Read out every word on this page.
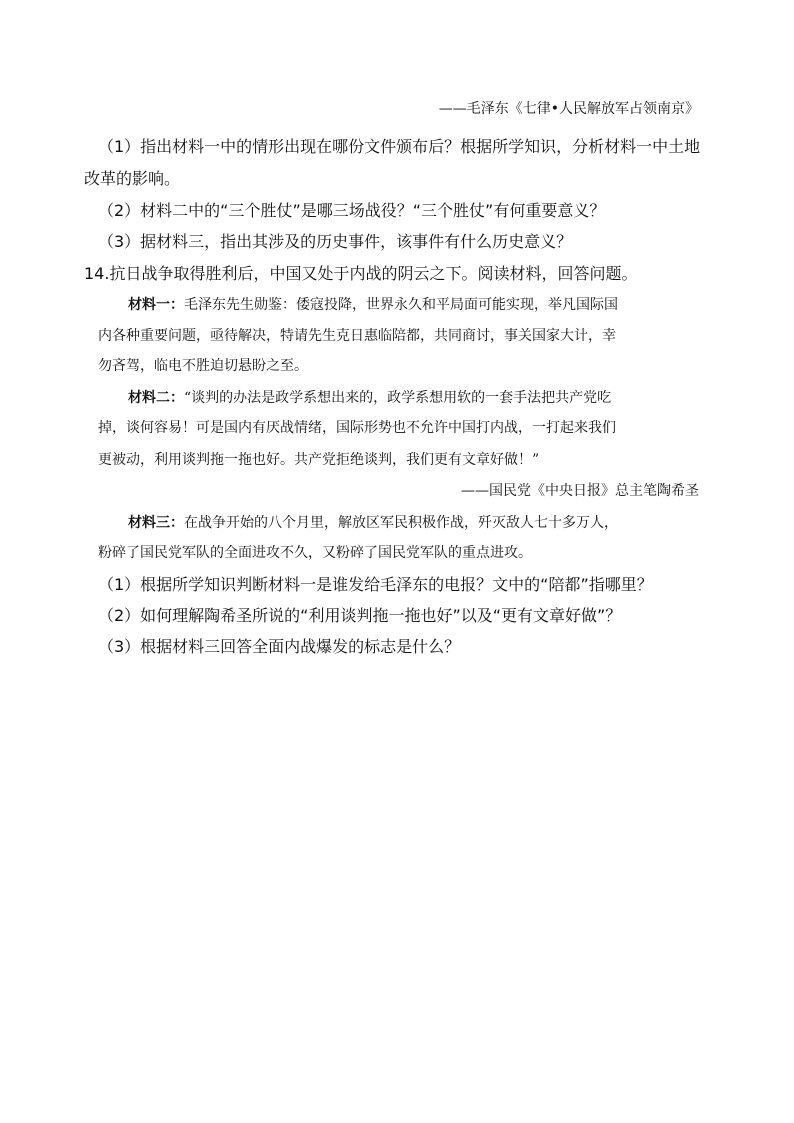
——毛泽东《七律•人民解放军占领南京》
（1）指出材料一中的情形出现在哪份文件颁布后？根据所学知识，分析材料一中土地
改革的影响。
（2）材料二中的“三个胜仗”是哪三场战役？“三个胜仗”有何重要意义？
（3）据材料三，指出其涉及的历史事件，该事件有什么历史意义？
14.抗日战争取得胜利后，中国又处于内战的阴云之下。阅读材料，回答问题。
材料一：毛泽东先生勋鉴：倭寇投降，世界永久和平局面可能实现，举凡国际国
内各种重要问题，亟待解决，特请先生克日惠临陪都，共同商讨，事关国家大计，幸
勿吝驾，临电不胜迫切悬盼之至。
材料二：“谈判的办法是政学系想出来的，政学系想用软的一套手法把共产党吃
掉，谈何容易！可是国内有厌战情绪，国际形势也不允许中国打内战，一打起来我们
更被动，利用谈判拖一拖也好。共产党拒绝谈判，我们更有文章好做！”
——国民党《中央日报》总主笔陶希圣
材料三：在战争开始的八个月里，解放区军民积极作战，歼灭敌人七十多万人，
粉碎了国民党军队的全面进攻不久，又粉碎了国民党军队的重点进攻。
（1）根据所学知识判断材料一是谁发给毛泽东的电报？文中的“陪都”指哪里？
（2）如何理解陶希圣所说的“利用谈判拖一拖也好”以及“更有文章好做”？
（3）根据材料三回答全面内战爆发的标志是什么？
